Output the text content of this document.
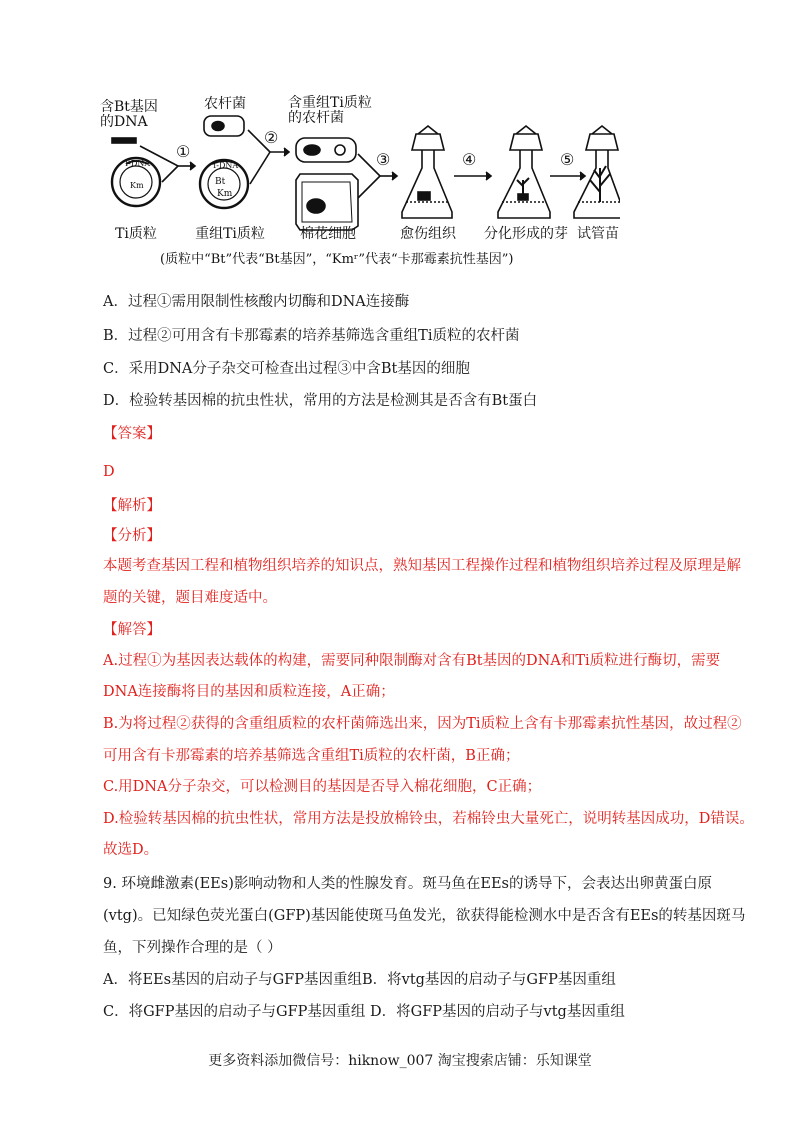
含Bt基因
的DNA
农杆菌	含重组Ti质粒
的农杆菌
T-DNA
Km
T-DNA
Bt
Km
①
②
③	④	⑤
Ti质粒	重组Ti质粒	棉花细胞	愈伤组织 分化形成的芽 试管苗
(质粒中“Bt”代表“Bt基因”，“Kmʳ”代表“卡那霉素抗性基因”)
A．过程①需用限制性核酸内切酶和DNA连接酶
B．过程②可用含有卡那霉素的培养基筛选含重组Ti质粒的农杆菌
C．采用DNA分子杂交可检查出过程③中含Bt基因的细胞
D．检验转基因棉的抗虫性状，常用的方法是检测其是否含有Bt蛋白
【答案】
D
【解析】
【分析】
本题考查基因工程和植物组织培养的知识点，熟知基因工程操作过程和植物组织培养过程及原理是解
题的关键，题目难度适中。
【解答】
A.过程①为基因表达载体的构建，需要同种限制酶对含有Bt基因的DNA和Ti质粒进行酶切，需要
DNA连接酶将目的基因和质粒连接，A正确；
B.为将过程②获得的含重组质粒的农杆菌筛选出来，因为Ti质粒上含有卡那霉素抗性基因，故过程②
可用含有卡那霉素的培养基筛选含重组Ti质粒的农杆菌，B正确；
C.用DNA分子杂交，可以检测目的基因是否导入棉花细胞，C正确；
D.检验转基因棉的抗虫性状，常用方法是投放棉铃虫，若棉铃虫大量死亡，说明转基因成功，D错误。
故选D。
9. 环境雌激素(EEs)影响动物和人类的性腺发育。斑马鱼在EEs的诱导下，会表达出卵黄蛋白原
(vtg)。已知绿色荧光蛋白(GFP)基因能使斑马鱼发光，欲获得能检测水中是否含有EEs的转基因斑马
鱼，下列操作合理的是（ ）
A．将EEs基因的启动子与GFP基因重组B．将vtg基因的启动子与GFP基因重组
C．将GFP基因的启动子与GFP基因重组 D．将GFP基因的启动子与vtg基因重组
更多资料添加微信号：hiknow_007 淘宝搜索店铺：乐知课堂
